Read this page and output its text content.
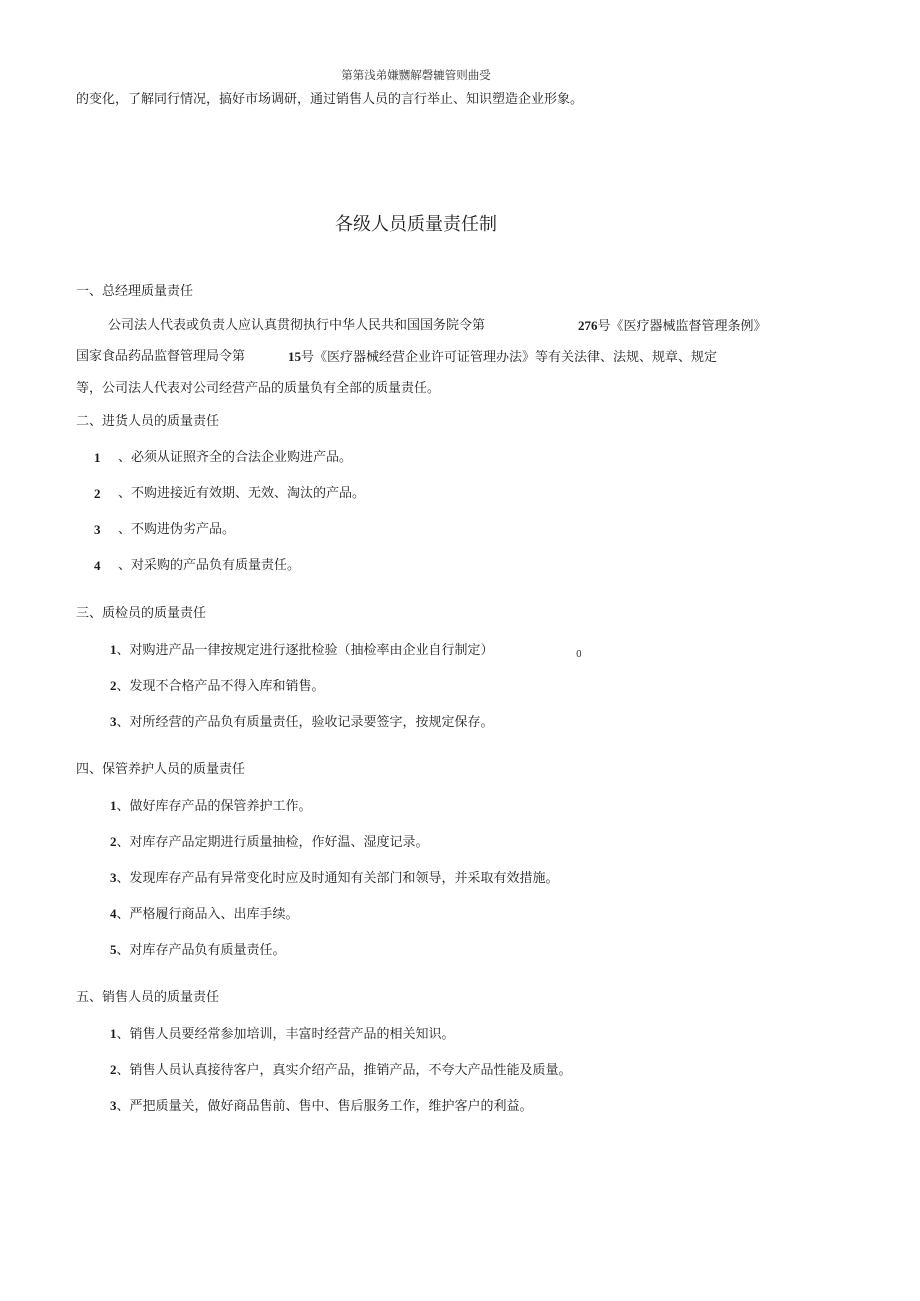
第第浅弟嫌嬲解磬辘管则曲受
的变化，了解同行情况，搞好市场调研，通过销售人员的言行举止、知识塑造企业形象。
各级人员质量责任制
一、总经理质量责任
公司法人代表或负责人应认真贯彻执行中华人民共和国国务院令第	276号《医疗器械监督管理条例》
国家食品药品监督管理局令第	15号《医疗器械经营企业许可证管理办法》等有关法律、法规、规章、规定
等，公司法人代表对公司经营产品的质量负有全部的质量责任。
二、进货人员的质量责任
1 、必须从证照齐全的合法企业购进产品。
2 、不购进接近有效期、无效、淘汰的产品。
3 、不购进伪劣产品。
4 、对采购的产品负有质量责任。
三、质检员的质量责任
1、对购进产品一律按规定进行逐批检验（抽检率由企业自行制定）	0
2、发现不合格产品不得入库和销售。
3、对所经营的产品负有质量责任，验收记录要签字，按规定保存。
四、保管养护人员的质量责任
1、做好库存产品的保管养护工作。
2、对库存产品定期进行质量抽检，作好温、湿度记录。
3、发现库存产品有异常变化时应及时通知有关部门和领导，并采取有效措施。
4、严格履行商品入、出库手续。
5、对库存产品负有质量责任。
五、销售人员的质量责任
1、销售人员要经常参加培训，丰富时经营产品的相关知识。
2、销售人员认真接待客户，真实介绍产品，推销产品，不夸大产品性能及质量。
3、严把质量关，做好商品售前、售中、售后服务工作，维护客户的利益。
